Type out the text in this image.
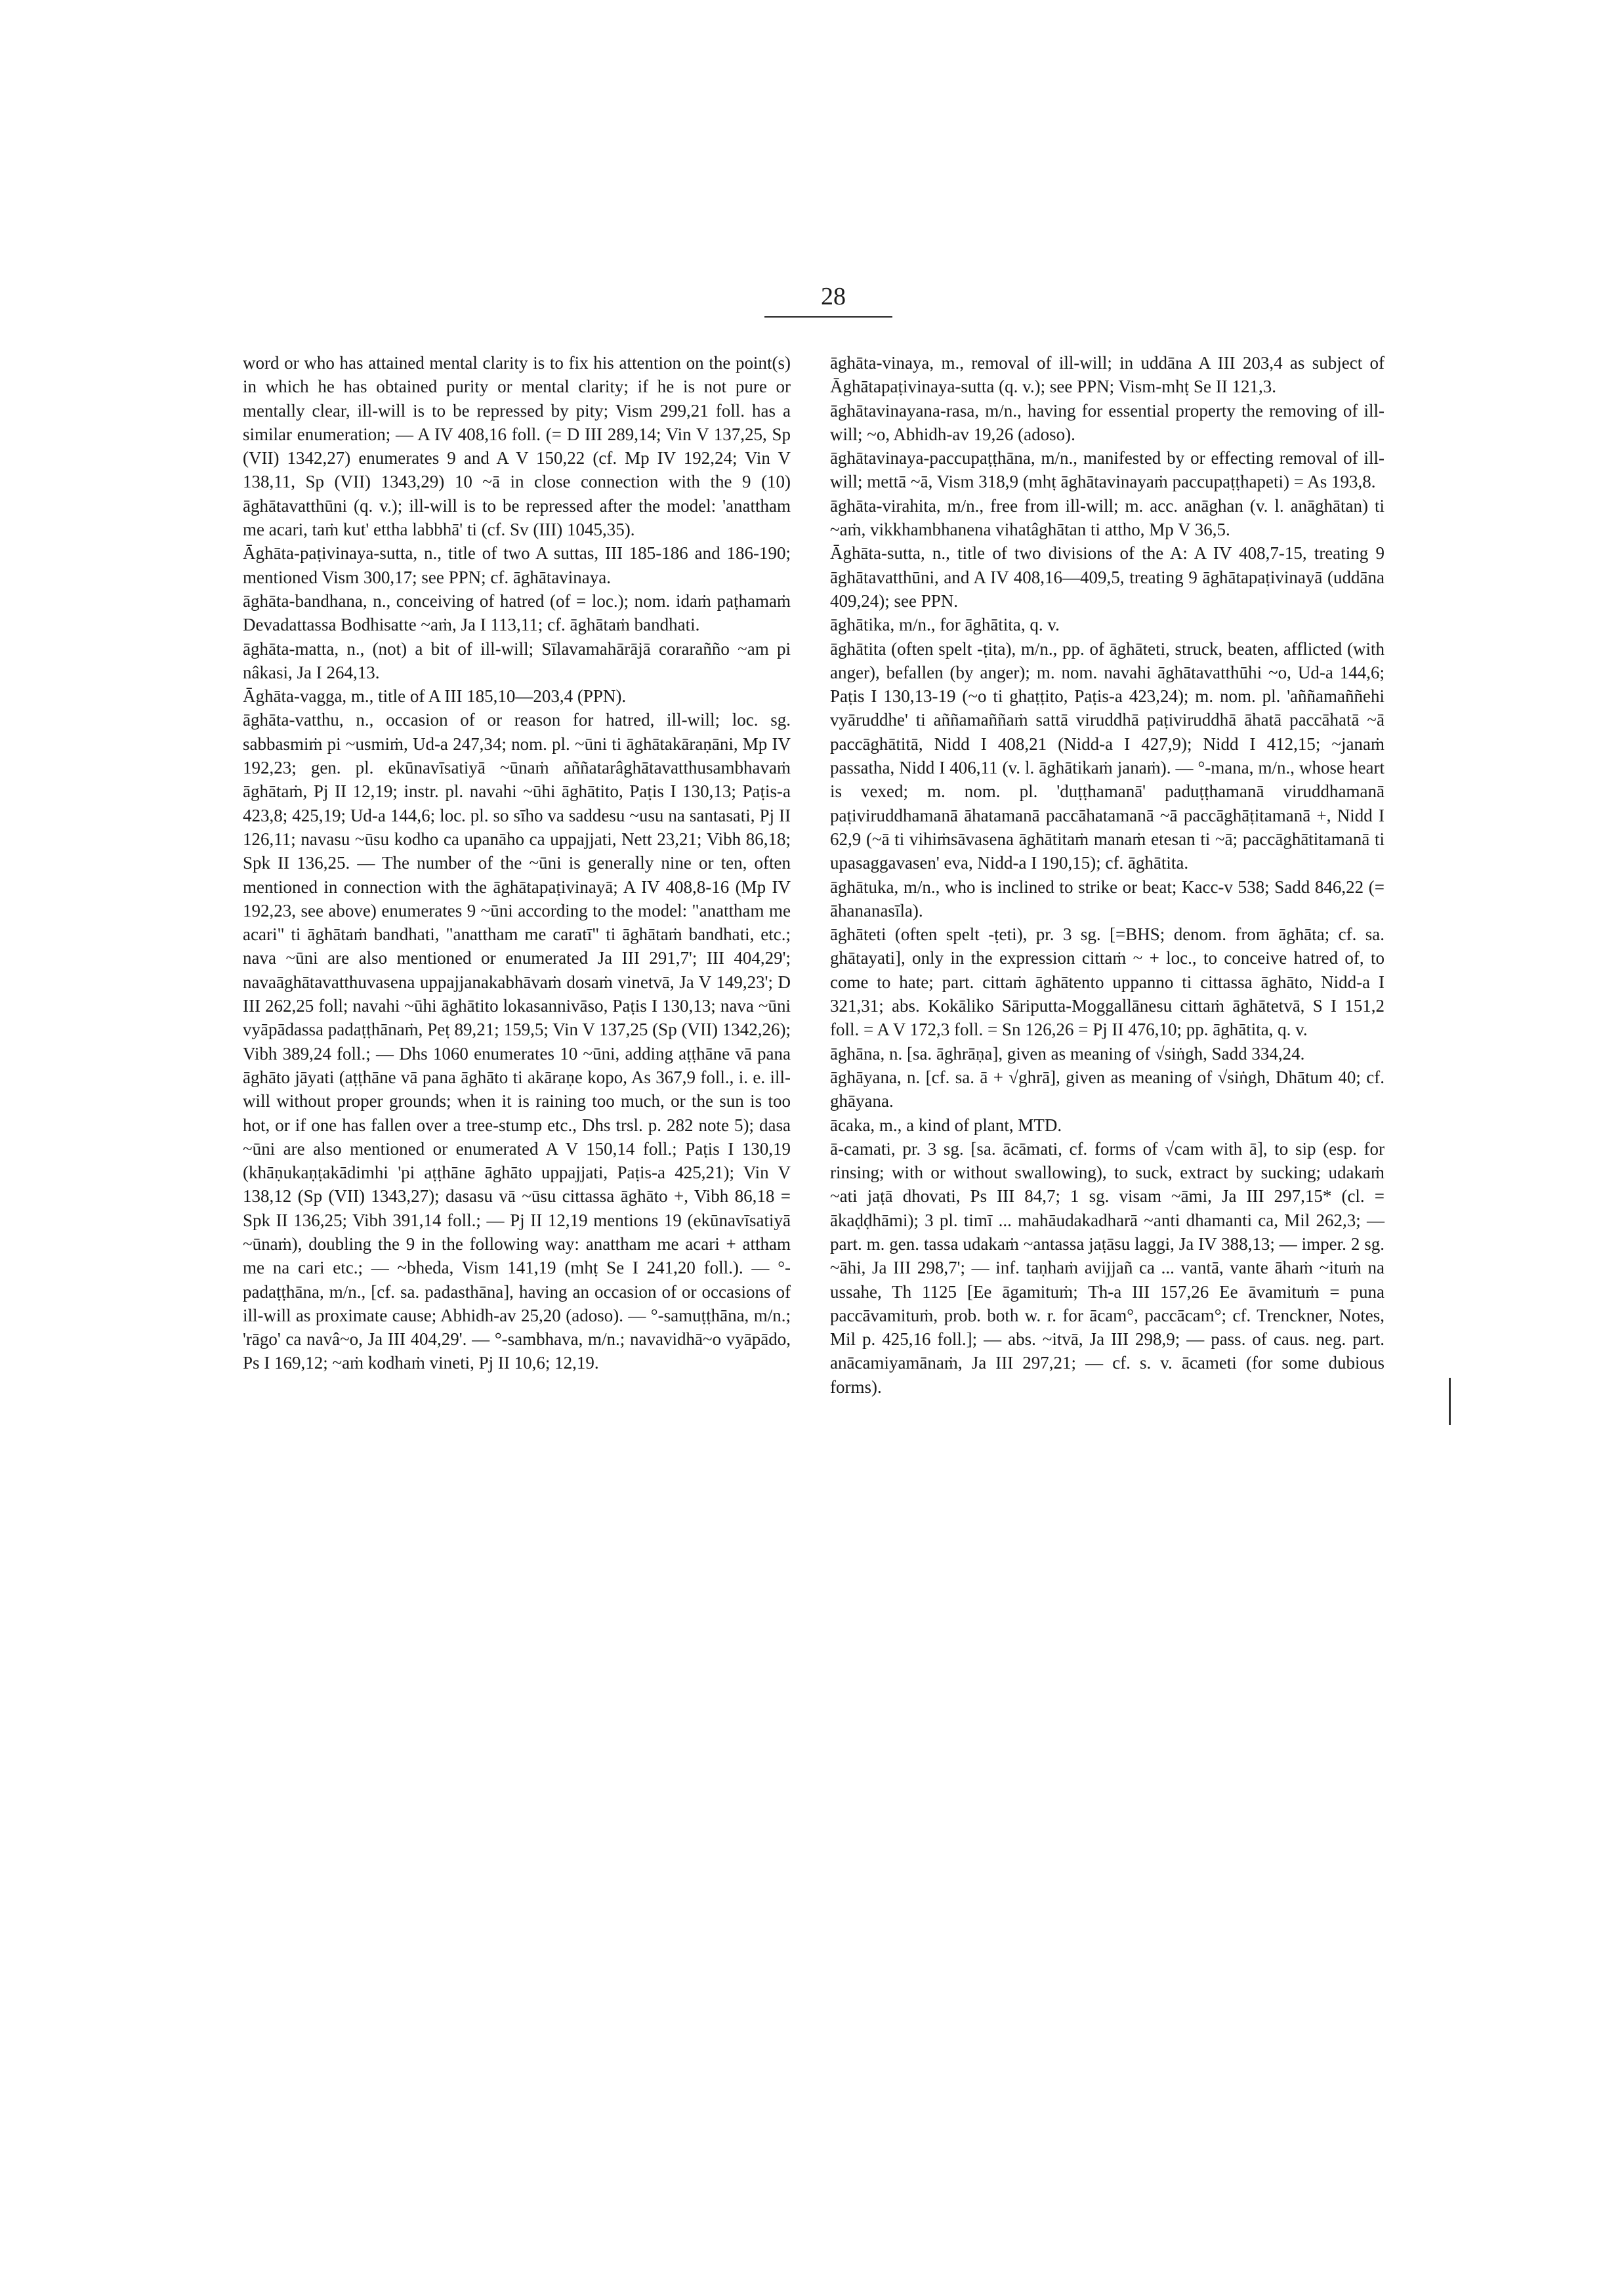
28

word or who has attained mental clarity is to fix his attention on the point(s) in which he has obtained purity or mental clarity; if he is not pure or mentally clear, ill-will is to be repressed by pity; Vism 299,21 foll. has a similar enumeration; — A IV 408,16 foll. (= D III 289,14; Vin V 137,25, Sp (VII) 1342,27) enumerates 9 and A V 150,22 (cf. Mp IV 192,24; Vin V 138,11, Sp (VII) 1343,29) 10 ~ā in close connection with the 9 (10) āghātavatthūni (q. v.); ill-will is to be repressed after the model: 'anattham me acari, taṁ kut' ettha labbhā' ti (cf. Sv (III) 1045,35).

Āghāta-paṭivinaya-sutta, n., title of two A suttas, III 185-186 and 186-190; mentioned Vism 300,17; see PPN; cf. āghātavinaya.

āghāta-bandhana, n., conceiving of hatred (of = loc.); nom. idaṁ paṭhamaṁ Devadattassa Bodhisatte ~aṁ, Ja I 113,11; cf. āghātaṁ bandhati.

āghāta-matta, n., (not) a bit of ill-will; Sīlavamahārājā corarañño ~am pi nâkasi, Ja I 264,13.

Āghāta-vagga, m., title of A III 185,10—203,4 (PPN).

āghāta-vatthu, n., occasion of or reason for hatred, ill-will; loc. sg. sabbasmiṁ pi ~usmiṁ, Ud-a 247,34; nom. pl. ~ūni ti āghātakāraṇāni, Mp IV 192,23; gen. pl. ekūnavīsatiyā ~ūnaṁ aññatarâghātavatthusambhavaṁ āghātaṁ, Pj II 12,19; instr. pl. navahi ~ūhi āghātito, Paṭis I 130,13; Paṭis-a 423,8; 425,19; Ud-a 144,6; loc. pl. so sīho va saddesu ~usu na santasati, Pj II 126,11; navasu ~ūsu kodho ca upanāho ca uppajjati, Nett 23,21; Vibh 86,18; Spk II 136,25. — The number of the ~ūni is generally nine or ten, often mentioned in connection with the āghātapaṭivinayā; A IV 408,8-16 (Mp IV 192,23, see above) enumerates 9 ~ūni according to the model: "anattham me acari" ti āghātaṁ bandhati, "anattham me caratī" ti āghātaṁ bandhati, etc.; nava ~ūni are also mentioned or enumerated Ja III 291,7'; III 404,29'; navaāghātavatthuvasena uppajjanakabhāvaṁ dosaṁ vinetvā, Ja V 149,23'; D III 262,25 foll; navahi ~ūhi āghātito lokasannivāso, Paṭis I 130,13; nava ~ūni vyāpādassa padaṭṭhānaṁ, Peṭ 89,21; 159,5; Vin V 137,25 (Sp (VII) 1342,26); Vibh 389,24 foll.; — Dhs 1060 enumerates 10 ~ūni, adding aṭṭhāne vā pana āghāto jāyati (aṭṭhāne vā pana āghāto ti akāraṇe kopo, As 367,9 foll., i. e. ill-will without proper grounds; when it is raining too much, or the sun is too hot, or if one has fallen over a tree-stump etc., Dhs trsl. p. 282 note 5); dasa ~ūni are also mentioned or enumerated A V 150,14 foll.; Paṭis I 130,19 (khāṇukaṇṭakādimhi 'pi aṭṭhāne āghāto uppajjati, Paṭis-a 425,21); Vin V 138,12 (Sp (VII) 1343,27); dasasu vā ~ūsu cittassa āghāto +, Vibh 86,18 = Spk II 136,25; Vibh 391,14 foll.; — Pj II 12,19 mentions 19 (ekūnavīsatiyā ~ūnaṁ), doubling the 9 in the following way: anattham me acari + attham me na cari etc.; — ~bheda, Vism 141,19 (mhṭ Se I 241,20 foll.). — °-padaṭṭhāna, m/n., [cf. sa. padasthāna], having an occasion of or occasions of ill-will as proximate cause; Abhidh-av 25,20 (adoso). — °-samuṭṭhāna, m/n.; 'rāgo' ca navâ~o, Ja III 404,29'. — °-sambhava, m/n.; navavidhā~o vyāpādo, Ps I 169,12; ~aṁ kodhaṁ vineti, Pj II 10,6; 12,19.

āghāta-vinaya, m., removal of ill-will; in uddāna A III 203,4 as subject of Āghātapaṭivinaya-sutta (q. v.); see PPN; Vism-mhṭ Se II 121,3.

āghātavinayana-rasa, m/n., having for essential property the removing of ill-will; ~o, Abhidh-av 19,26 (adoso).

āghātavinaya-paccupaṭṭhāna, m/n., manifested by or effecting removal of ill-will; mettā ~ā, Vism 318,9 (mhṭ āghātavinayaṁ paccupaṭṭhapeti) = As 193,8.

āghāta-virahita, m/n., free from ill-will; m. acc. anāghan (v. l. anāghātan) ti ~aṁ, vikkhambhanena vihatâghātan ti attho, Mp V 36,5.

Āghāta-sutta, n., title of two divisions of the A: A IV 408,7-15, treating 9 āghātavatthūni, and A IV 408,16—409,5, treating 9 āghātapaṭivinayā (uddāna 409,24); see PPN.

āghātika, m/n., for āghātita, q. v.

āghātita (often spelt -ṭita), m/n., pp. of āghāteti, struck, beaten, afflicted (with anger), befallen (by anger); m. nom. navahi āghātavatthūhi ~o, Ud-a 144,6; Paṭis I 130,13-19 (~o ti ghaṭṭito, Paṭis-a 423,24); m. nom. pl. 'aññamaññehi vyāruddhe' ti aññamaññaṁ sattā viruddhā paṭiviruddhā āhatā paccāhatā ~ā paccāghātitā, Nidd I 408,21 (Nidd-a I 427,9); Nidd I 412,15; ~janaṁ passatha, Nidd I 406,11 (v. l. āghātikaṁ janaṁ). — °-mana, m/n., whose heart is vexed; m. nom. pl. 'duṭṭhamanā' paduṭṭhamanā viruddhamanā paṭiviruddhamanā āhatamanā paccāhatamanā ~ā paccāghāṭitamanā +, Nidd I 62,9 (~ā ti vihiṁsāvasena āghātitaṁ manaṁ etesan ti ~ā; paccāghātitamanā ti upasaggavasen' eva, Nidd-a I 190,15); cf. āghātita.

āghātuka, m/n., who is inclined to strike or beat; Kacc-v 538; Sadd 846,22 (= āhananasīla).

āghāteti (often spelt -ṭeti), pr. 3 sg. [=BHS; denom. from āghāta; cf. sa. ghātayati], only in the expression cittaṁ ~ + loc., to conceive hatred of, to come to hate; part. cittaṁ āghātento uppanno ti cittassa āghāto, Nidd-a I 321,31; abs. Kokāliko Sāriputta-Moggallānesu cittaṁ āghātetvā, S I 151,2 foll. = A V 172,3 foll. = Sn 126,26 = Pj II 476,10; pp. āghātita, q. v.

āghāna, n. [sa. āghrāṇa], given as meaning of √siṅgh, Sadd 334,24.

āghāyana, n. [cf. sa. ā + √ghrā], given as meaning of √siṅgh, Dhātum 40; cf. ghāyana.

ācaka, m., a kind of plant, MTD.

ā-camati, pr. 3 sg. [sa. ācāmati, cf. forms of √cam with ā], to sip (esp. for rinsing; with or without swallowing), to suck, extract by sucking; udakaṁ ~ati jaṭā dhovati, Ps III 84,7; 1 sg. visam ~āmi, Ja III 297,15* (cl. = ākaḍḍhāmi); 3 pl. timī ... mahāudakadharā ~anti dhamanti ca, Mil 262,3; — part. m. gen. tassa udakaṁ ~antassa jaṭāsu laggi, Ja IV 388,13; — imper. 2 sg. ~āhi, Ja III 298,7'; — inf. taṇhaṁ avijjañ ca ... vantā, vante āhaṁ ~ituṁ na ussahe, Th 1125 [Ee āgamituṁ; Th-a III 157,26 Ee āvamituṁ = puna paccāvamituṁ, prob. both w. r. for ācam°, paccācam°; cf. Trenckner, Notes, Mil p. 425,16 foll.]; — abs. ~itvā, Ja III 298,9; — pass. of caus. neg. part. anācamiyamānaṁ, Ja III 297,21; — cf. s. v. ācameti (for some dubious forms).
